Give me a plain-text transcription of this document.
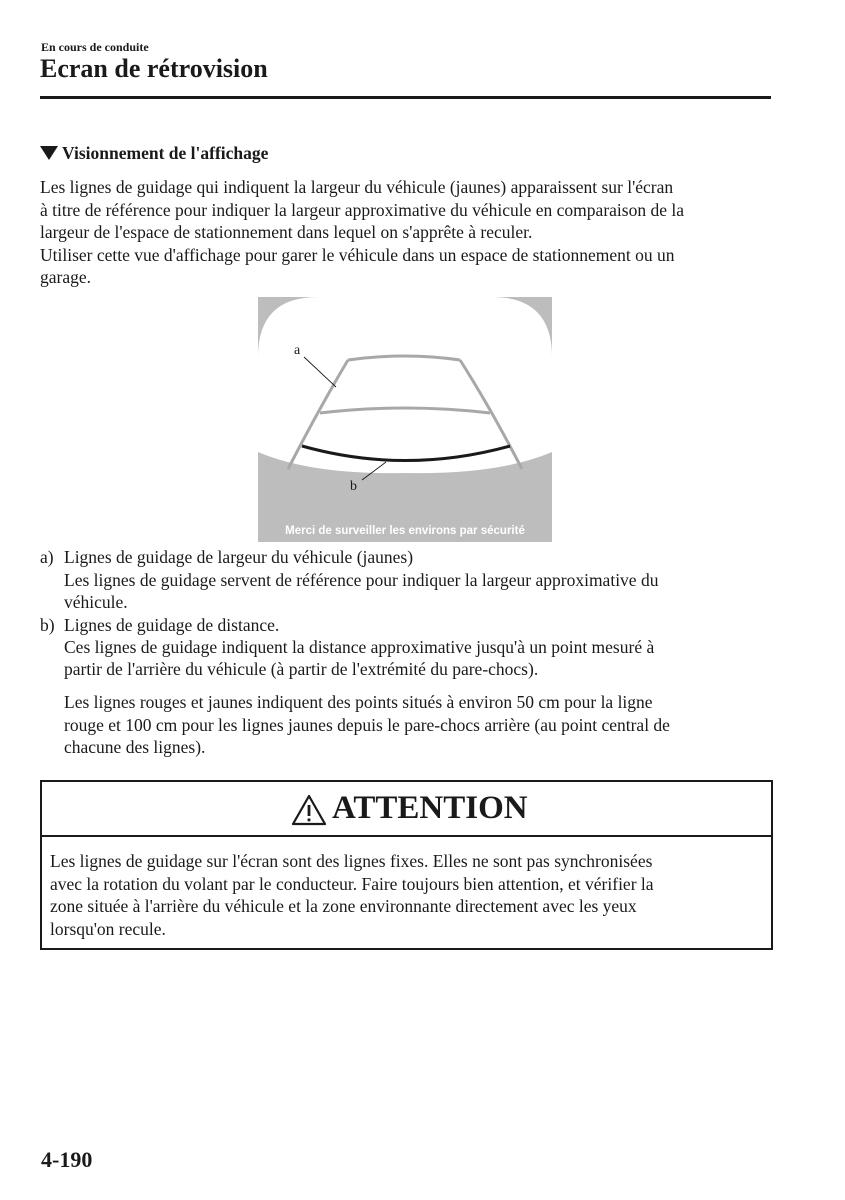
En cours de conduite
Ecran de rétrovision
Visionnement de l'affichage
Les lignes de guidage qui indiquent la largeur du véhicule (jaunes) apparaissent sur l'écran
à titre de référence pour indiquer la largeur approximative du véhicule en comparaison de la
largeur de l'espace de stationnement dans lequel on s'apprête à reculer.
Utiliser cette vue d'affichage pour garer le véhicule dans un espace de stationnement ou un
garage.
a
b
Merci de surveiller les environs par sécurité
a) Lignes de guidage de largeur du véhicule (jaunes)
Les lignes de guidage servent de référence pour indiquer la largeur approximative du
véhicule.
b) Lignes de guidage de distance.
Ces lignes de guidage indiquent la distance approximative jusqu'à un point mesuré à
partir de l'arrière du véhicule (à partir de l'extrémité du pare-chocs).
Les lignes rouges et jaunes indiquent des points situés à environ 50 cm pour la ligne
rouge et 100 cm pour les lignes jaunes depuis le pare-chocs arrière (au point central de
chacune des lignes).
ATTENTION
Les lignes de guidage sur l'écran sont des lignes fixes. Elles ne sont pas synchronisées
avec la rotation du volant par le conducteur. Faire toujours bien attention, et vérifier la
zone située à l'arrière du véhicule et la zone environnante directement avec les yeux
lorsqu'on recule.
4-190
